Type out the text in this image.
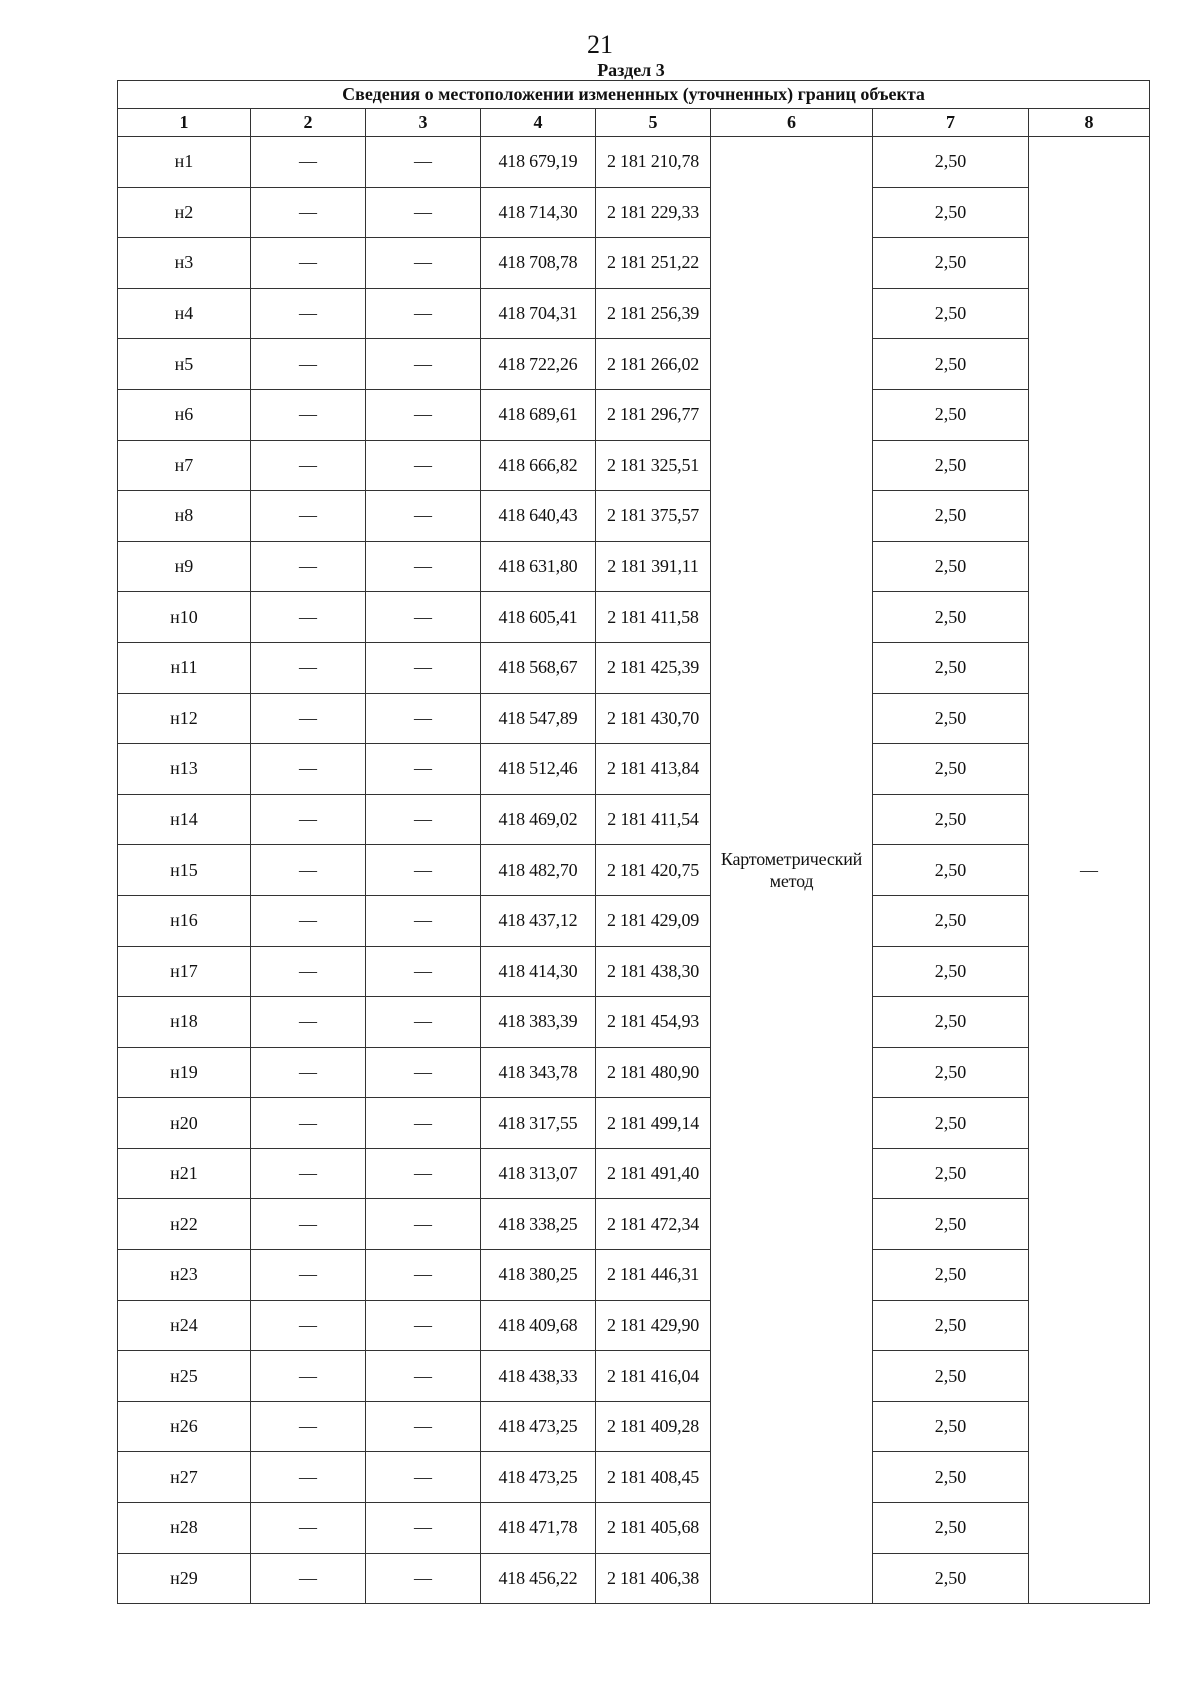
21
Раздел 3
Сведения о местоположении измененных (уточненных) границ объекта							
1	2	3	4	5	6	7	8
н1	—	—	418 679,19	2 181 210,78	Картометрический метод	2,50	—
н2	—	—	418 714,30	2 181 229,33		2,50	
н3	—	—	418 708,78	2 181 251,22		2,50	
н4	—	—	418 704,31	2 181 256,39		2,50	
н5	—	—	418 722,26	2 181 266,02		2,50	
н6	—	—	418 689,61	2 181 296,77		2,50	
н7	—	—	418 666,82	2 181 325,51		2,50	
н8	—	—	418 640,43	2 181 375,57		2,50	
н9	—	—	418 631,80	2 181 391,11		2,50	
н10	—	—	418 605,41	2 181 411,58		2,50	
н11	—	—	418 568,67	2 181 425,39		2,50	
н12	—	—	418 547,89	2 181 430,70		2,50	
н13	—	—	418 512,46	2 181 413,84		2,50	
н14	—	—	418 469,02	2 181 411,54		2,50	
н15	—	—	418 482,70	2 181 420,75		2,50	
н16	—	—	418 437,12	2 181 429,09		2,50	
н17	—	—	418 414,30	2 181 438,30		2,50	
н18	—	—	418 383,39	2 181 454,93		2,50	
н19	—	—	418 343,78	2 181 480,90		2,50	
н20	—	—	418 317,55	2 181 499,14		2,50	
н21	—	—	418 313,07	2 181 491,40		2,50	
н22	—	—	418 338,25	2 181 472,34		2,50	
н23	—	—	418 380,25	2 181 446,31		2,50	
н24	—	—	418 409,68	2 181 429,90		2,50	
н25	—	—	418 438,33	2 181 416,04		2,50	
н26	—	—	418 473,25	2 181 409,28		2,50	
н27	—	—	418 473,25	2 181 408,45		2,50	
н28	—	—	418 471,78	2 181 405,68		2,50	
н29	—	—	418 456,22	2 181 406,38		2,50	
